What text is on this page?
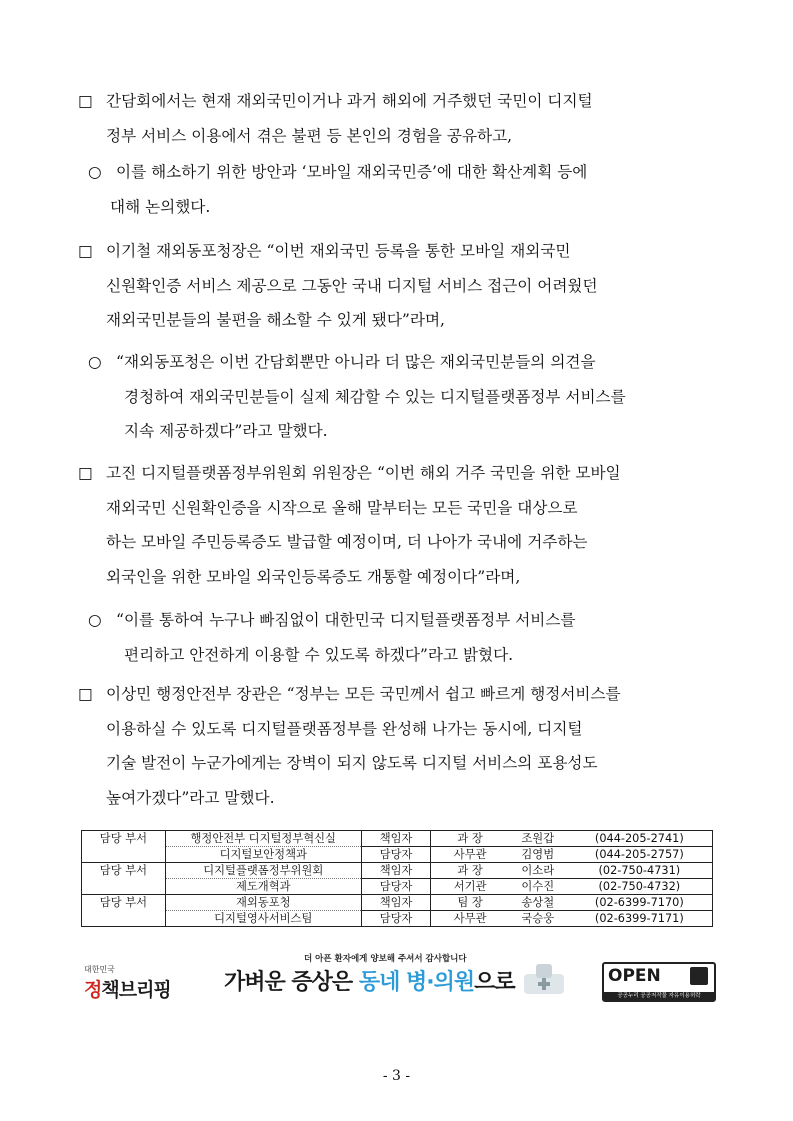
□ 간담회에서는 현재 재외국민이거나 과거 해외에 거주했던 국민이 디지털
정부 서비스 이용에서 겪은 불편 등 본인의 경험을 공유하고,
○ 이를 해소하기 위한 방안과 ‘모바일 재외국민증’에 대한 확산계획 등에
대해 논의했다.
□ 이기철 재외동포청장은 “이번 재외국민 등록을 통한 모바일 재외국민
신원확인증 서비스 제공으로 그동안 국내 디지털 서비스 접근이 어려웠던
재외국민분들의 불편을 해소할 수 있게 됐다”라며,
○ “재외동포청은 이번 간담회뿐만 아니라 더 많은 재외국민분들의 의견을
경청하여 재외국민분들이 실제 체감할 수 있는 디지털플랫폼정부 서비스를
지속 제공하겠다”라고 말했다.
□ 고진 디지털플랫폼정부위원회 위원장은 “이번 해외 거주 국민을 위한 모바일
재외국민 신원확인증을 시작으로 올해 말부터는 모든 국민을 대상으로
하는 모바일 주민등록증도 발급할 예정이며, 더 나아가 국내에 거주하는
외국인을 위한 모바일 외국인등록증도 개통할 예정이다”라며,
○ “이를 통하여 누구나 빠짐없이 대한민국 디지털플랫폼정부 서비스를
편리하고 안전하게 이용할 수 있도록 하겠다”라고 밝혔다.
□ 이상민 행정안전부 장관은 “정부는 모든 국민께서 쉽고 빠르게 행정서비스를
이용하실 수 있도록 디지털플랫폼정부를 완성해 나가는 동시에, 디지털
기술 발전이 누군가에게는 장벽이 되지 않도록 디지털 서비스의 포용성도
높여가겠다”라고 말했다.
담당 부서	행정안전부 디지털정부혁신실	책임자	과 장	조원갑	(044-205-2741)
	디지털보안정책과	담당자	사무관	김영범	(044-205-2757)
담당 부서	디지털플랫폼정부위원회	책임자	과 장	이소라	(02-750-4731)
	제도개혁과	담당자	서기관	이수진	(02-750-4732)
담당 부서	재외동포청	책임자	팀 장	송상철	(02-6399-7170)
	디지털영사서비스팀	담당자	사무관	국승웅	(02-6399-7171)
대한민국
정책브리핑
더 아픈 환자에게 양보해 주셔서 감사합니다
가벼운 증상은 동네 병·의원으로	OPEN
공공누리 공공저작물 자유이용허락
- 3 -
